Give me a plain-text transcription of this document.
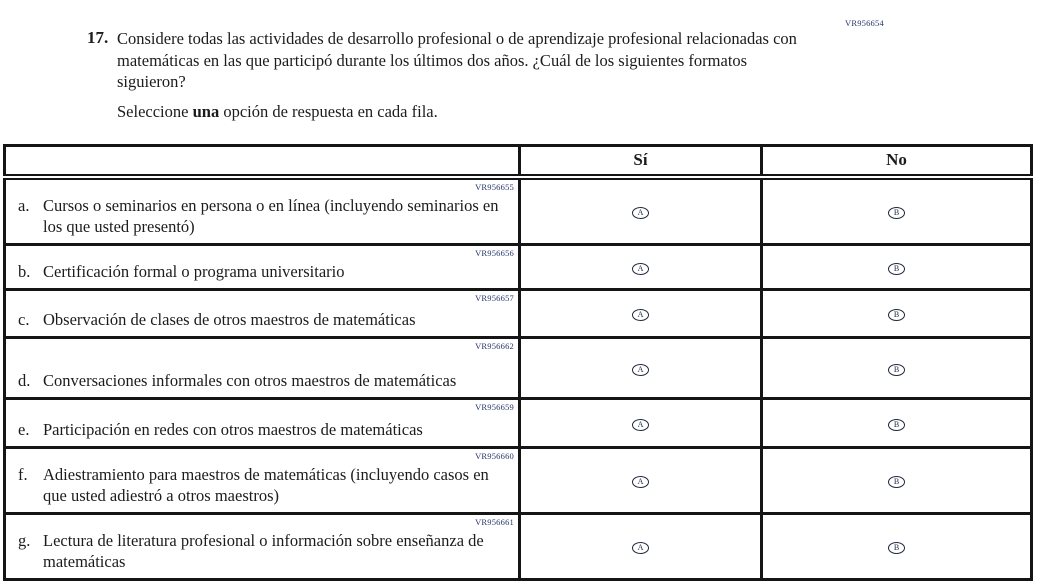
VR956654
17. Considere todas las actividades de desarrollo profesional o de aprendizaje profesional relacionadas con matemáticas en las que participó durante los últimos dos años. ¿Cuál de los siguientes formatos siguieron?
Seleccione una opción de respuesta en cada fila.
	Sí	No

VR956655
a. Cursos o seminarios en persona o en línea (incluyendo seminarios en los que usted presentó)	A	B

VR956656
b. Certificación formal o programa universitario	A	B

VR956657
c. Observación de clases de otros maestros de matemáticas	A	B

VR956662
d. Conversaciones informales con otros maestros de matemáticas	A	B

VR956659
e. Participación en redes con otros maestros de matemáticas	A	B

VR956660
f. Adiestramiento para maestros de matemáticas (incluyendo casos en que usted adiestró a otros maestros)	A	B

VR956661
g. Lectura de literatura profesional o información sobre enseñanza de matemáticas	A	B
